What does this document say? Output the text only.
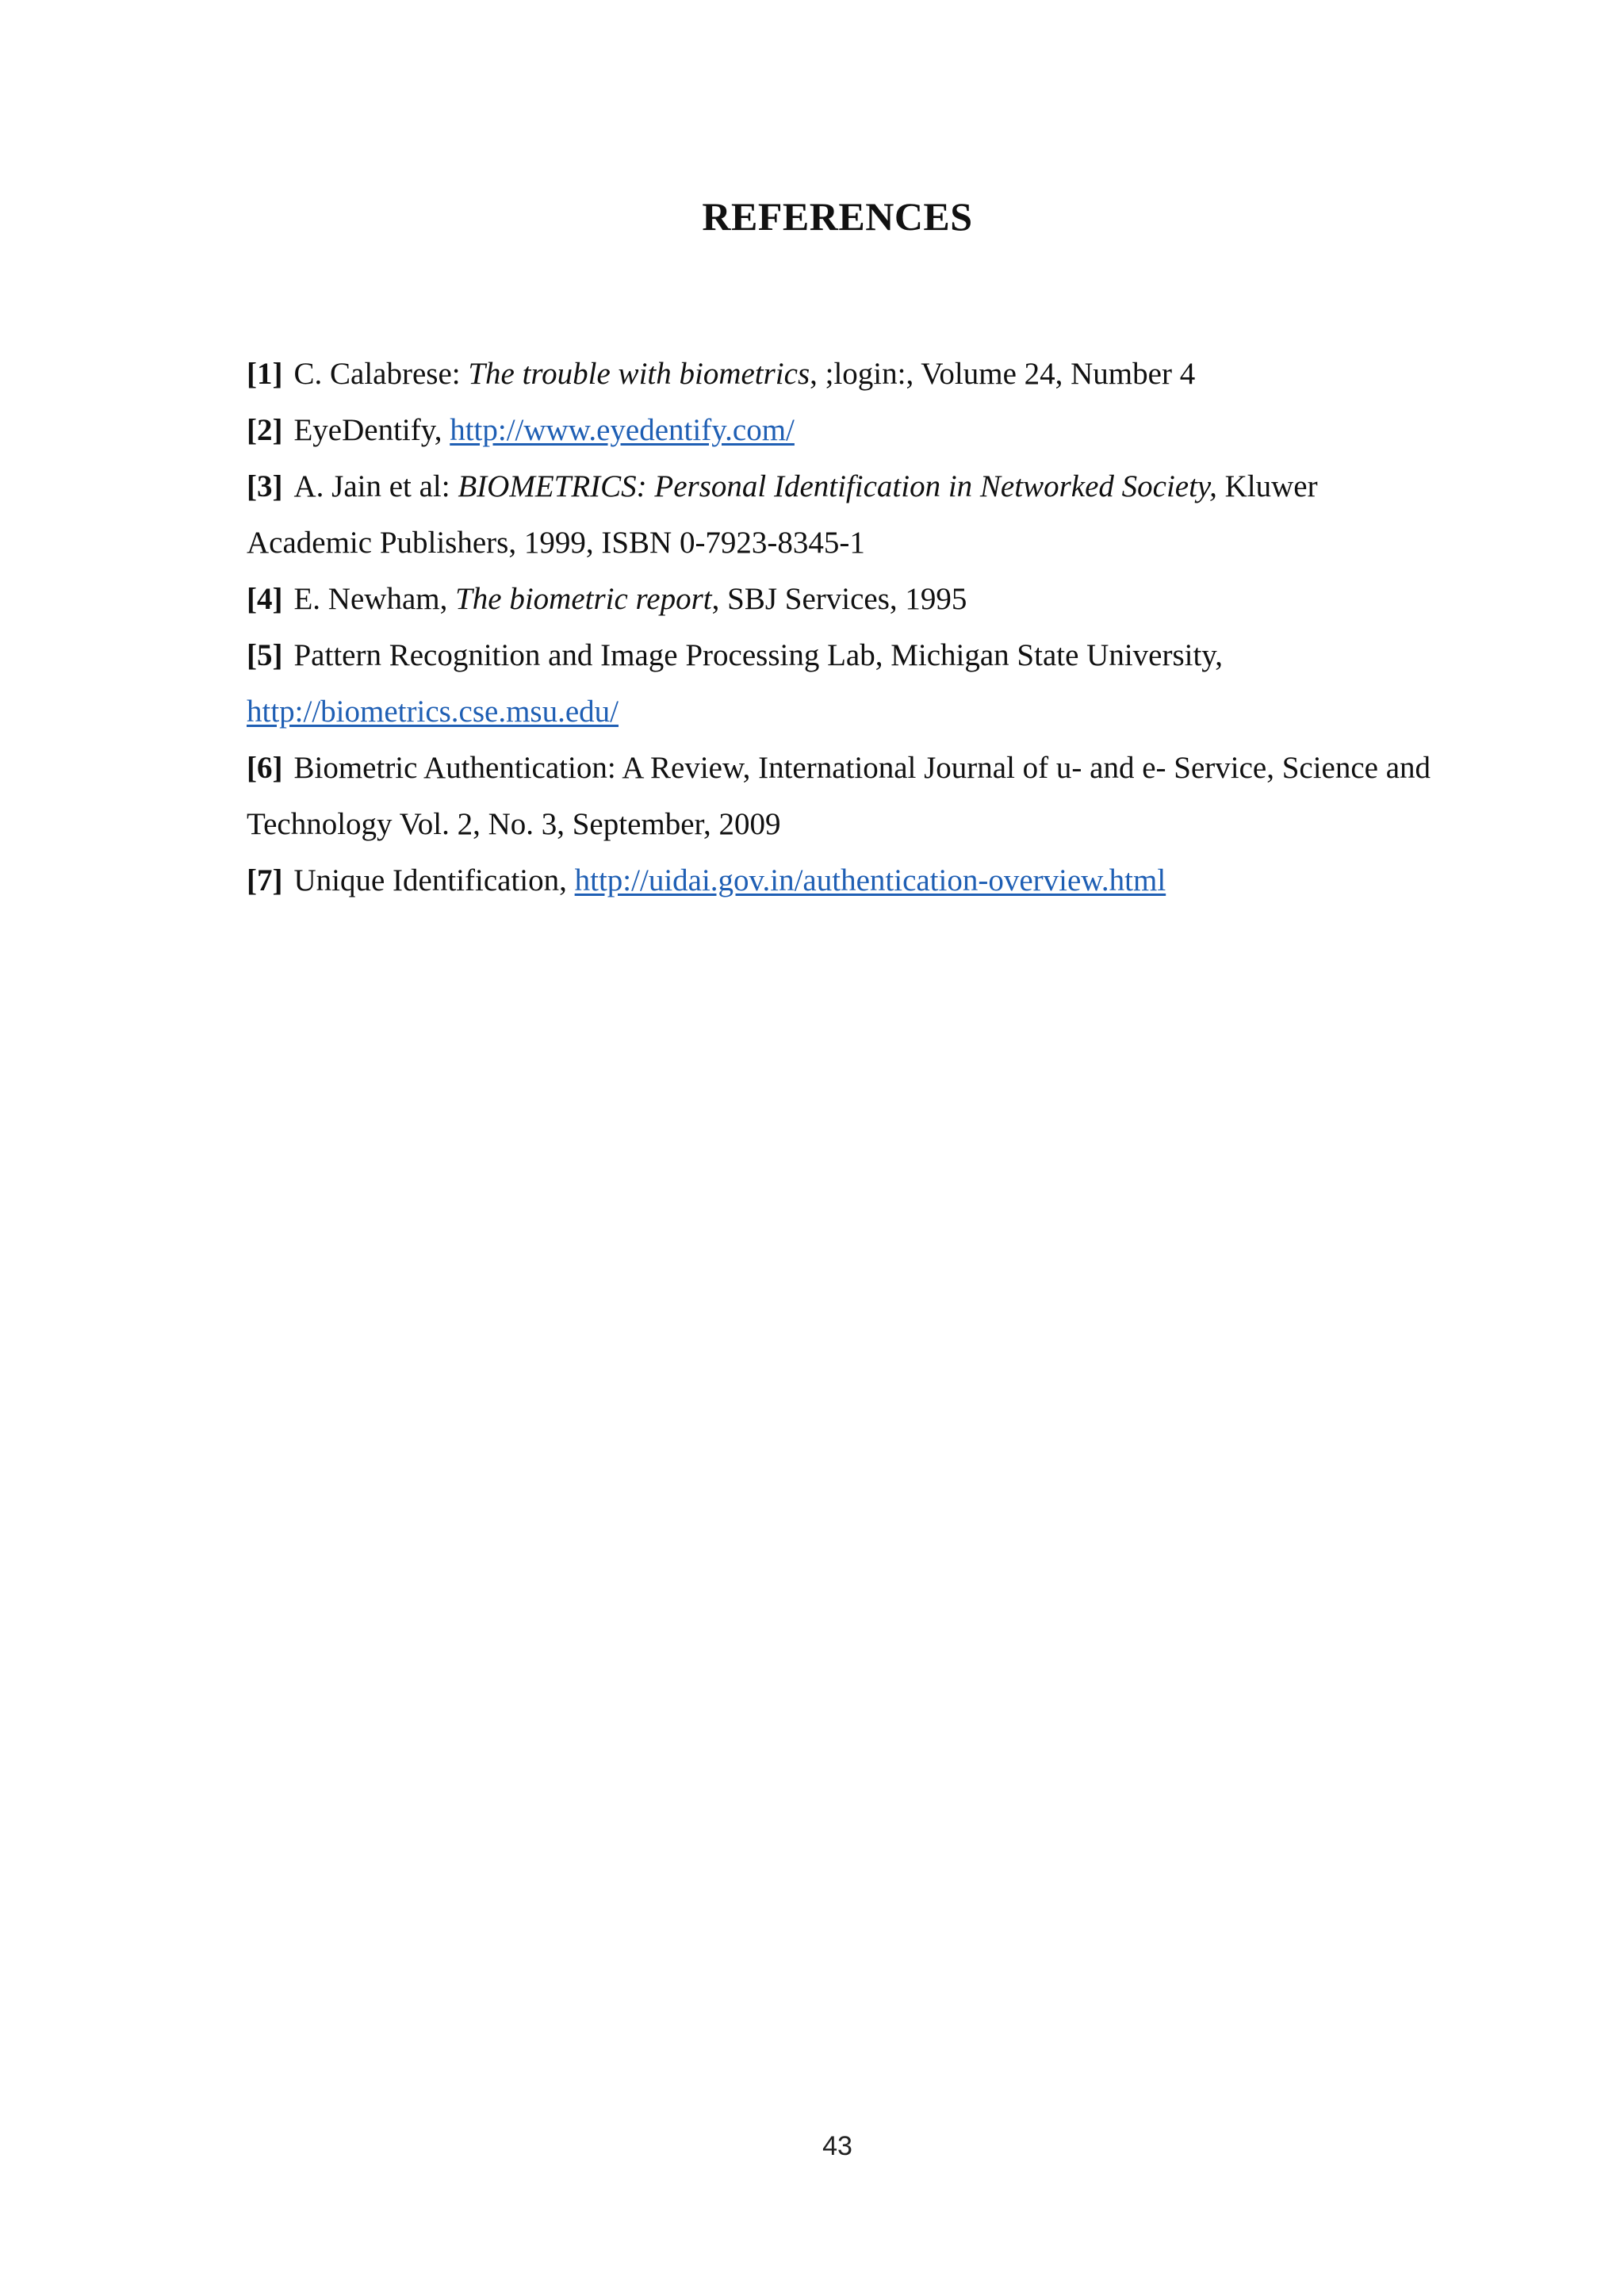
REFERENCES

[1] C. Calabrese: The trouble with biometrics, ;login:, Volume 24, Number 4

[2] EyeDentify, http://www.eyedentify.com/

[3] A. Jain et al: BIOMETRICS: Personal Identification in Networked Society, Kluwer Academic Publishers, 1999, ISBN 0-7923-8345-1

[4] E. Newham, The biometric report, SBJ Services, 1995

[5] Pattern Recognition and Image Processing Lab, Michigan State University, http://biometrics.cse.msu.edu/

[6] Biometric Authentication: A Review, International Journal of u- and e- Service, Science and Technology Vol. 2, No. 3, September, 2009

[7] Unique Identification, http://uidai.gov.in/authentication-overview.html

43
